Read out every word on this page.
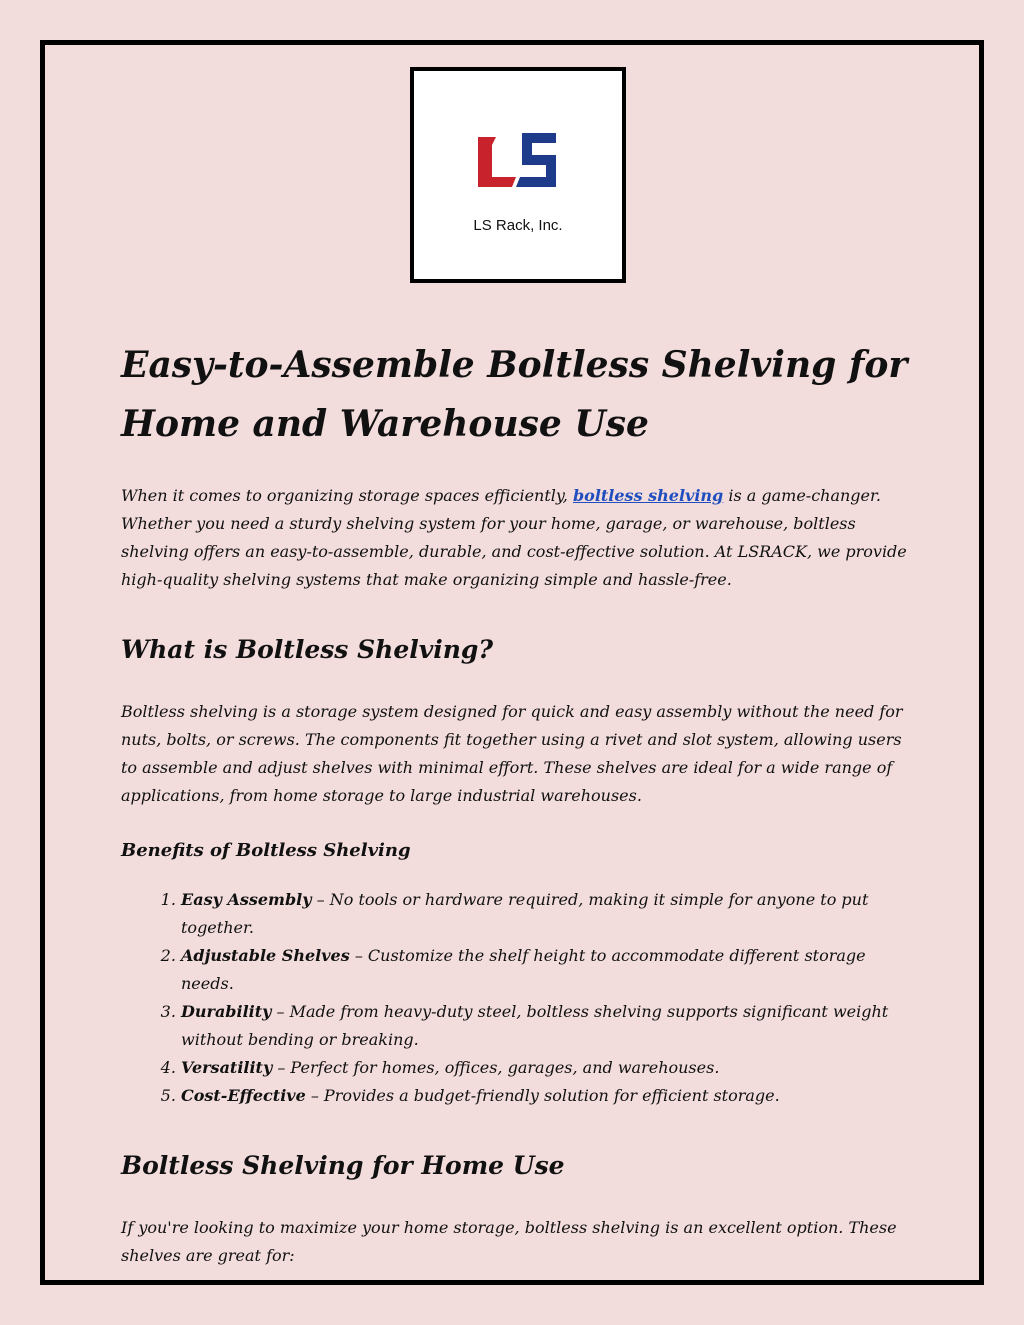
LS Rack, Inc.
Easy-to-Assemble Boltless Shelving for Home and Warehouse Use

When it comes to organizing storage spaces efficiently, boltless shelving is a game-changer. Whether you need a sturdy shelving system for your home, garage, or warehouse, boltless shelving offers an easy-to-assemble, durable, and cost-effective solution. At LSRACK, we provide high-quality shelving systems that make organizing simple and hassle-free.

What is Boltless Shelving?

Boltless shelving is a storage system designed for quick and easy assembly without the need for nuts, bolts, or screws. The components fit together using a rivet and slot system, allowing users to assemble and adjust shelves with minimal effort. These shelves are ideal for a wide range of applications, from home storage to large industrial warehouses.

Benefits of Boltless Shelving
1. Easy Assembly – No tools or hardware required, making it simple for anyone to put together.
2. Adjustable Shelves – Customize the shelf height to accommodate different storage needs.
3. Durability – Made from heavy-duty steel, boltless shelving supports significant weight without bending or breaking.
4. Versatility – Perfect for homes, offices, garages, and warehouses.
5. Cost-Effective – Provides a budget-friendly solution for efficient storage.
Boltless Shelving for Home Use

If you're looking to maximize your home storage, boltless shelving is an excellent option. These shelves are great for:
